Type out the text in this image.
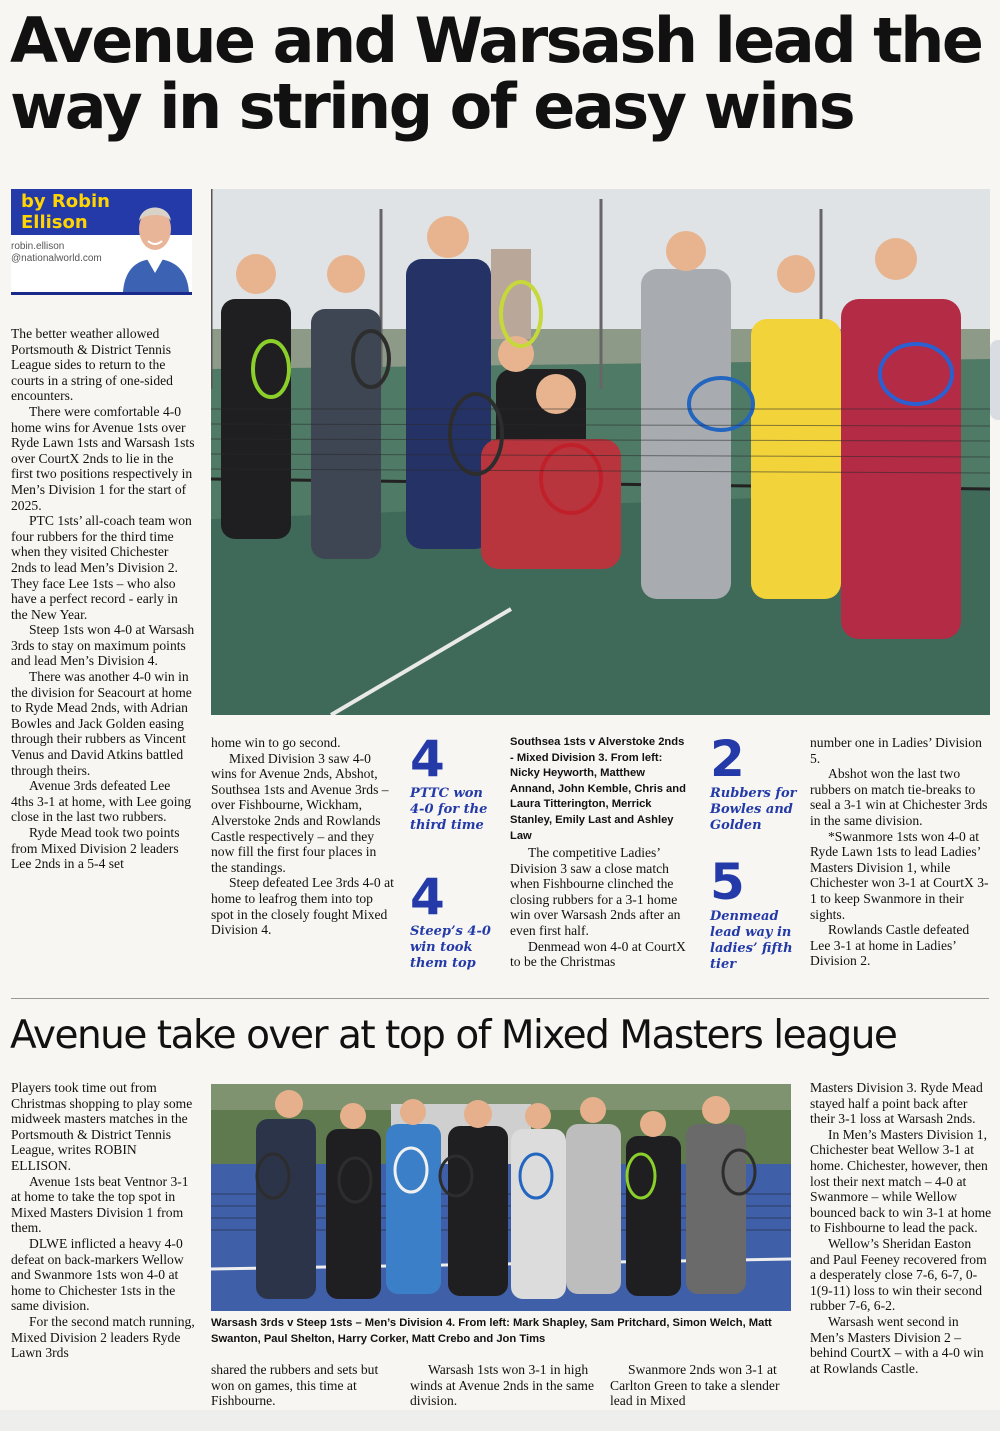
Avenue and Warsash lead the way in string of easy wins
by Robin Ellison
robin.ellison
@nationalworld.com

The better weather allowed Portsmouth & District Tennis League sides to return to the courts in a string of one-sided encounters.

There were comfortable 4-0 home wins for Avenue 1sts over Ryde Lawn 1sts and Warsash 1sts over CourtX 2nds to lie in the first two positions respectively in Men’s Division 1 for the start of 2025.

PTC 1sts’ all-coach team won four rubbers for the third time when they visited Chichester 2nds to lead Men’s Division 2. They face Lee 1sts – who also have a perfect record - early in the New Year.

Steep 1sts won 4-0 at Warsash 3rds to stay on maximum points and lead Men’s Division 4.

There was another 4-0 win in the division for Seacourt at home to Ryde Mead 2nds, with Adrian Bowles and Jack Golden easing through their rubbers as Vincent Venus and David Atkins battled through theirs.

Avenue 3rds defeated Lee 4ths 3-1 at home, with Lee going close in the last two rubbers.

Ryde Mead took two points from Mixed Division 2 leaders Lee 2nds in a 5-4 set

home win to go second.

Mixed Division 3 saw 4-0 wins for Avenue 2nds, Abshot, Southsea 1sts and Avenue 3rds – over Fishbourne, Wickham, Alverstoke 2nds and Rowlands Castle respectively – and they now fill the first four places in the standings.

Steep defeated Lee 3rds 4-0 at home to leafrog them into top spot in the closely fought Mixed Division 4.

4
PTTC won 4-0 for the third time
4
Steep’s 4-0 win took them top
Southsea 1sts v Alverstoke 2nds - Mixed Division 3. From left: Nicky Heyworth, Matthew Annand, John Kemble, Chris and Laura Titterington, Merrick Stanley, Emily Last and Ashley Law

The competitive Ladies’ Division 3 saw a close match when Fishbourne clinched the closing rubbers for a 3-1 home win over Warsash 2nds after an even first half.

Denmead won 4-0 at CourtX to be the Christmas

2
Rubbers for Bowles and Golden
5
Denmead lead way in ladies’ fifth tier

number one in Ladies’ Division 5.

Abshot won the last two rubbers on match tie-breaks to seal a 3-1 win at Chichester 3rds in the same division.

*Swanmore 1sts won 4-0 at Ryde Lawn 1sts to lead Ladies’ Masters Division 1, while Chichester won 3-1 at CourtX 3-1 to keep Swanmore in their sights.

Rowlands Castle defeated Lee 3-1 at home in Ladies’ Division 2.

Avenue take over at top of Mixed Masters league

Players took time out from Christmas shopping to play some midweek masters matches in the Portsmouth & District Tennis League, writes ROBIN ELLISON.

Avenue 1sts beat Ventnor 3-1 at home to take the top spot in Mixed Masters Division 1 from them.

DLWE inflicted a heavy 4-0 defeat on back-markers Wellow and Swanmore 1sts won 4-0 at home to Chichester 1sts in the same division.

For the second match running, Mixed Division 2 leaders Ryde Lawn 3rds

Warsash 3rds v Steep 1sts – Men’s Division 4. From left: Mark Shapley, Sam Pritchard, Simon Welch, Matt Swanton, Paul Shelton, Harry Corker, Matt Crebo and Jon Tims

shared the rubbers and sets but won on games, this time at Fishbourne.

Warsash 1sts won 3-1 in high winds at Avenue 2nds in the same division.

Swanmore 2nds won 3-1 at Carlton Green to take a slender lead in Mixed

Masters Division 3. Ryde Mead stayed half a point back after their 3-1 loss at Warsash 2nds.

In Men’s Masters Division 1, Chichester beat Wellow 3-1 at home. Chichester, however, then lost their next match – 4-0 at Swanmore – while Wellow bounced back to win 3-1 at home to Fishbourne to lead the pack.

Wellow’s Sheridan Easton and Paul Feeney recovered from a desperately close 7-6, 6-7, 0-1(9-11) loss to win their second rubber 7-6, 6-2.

Warsash went second in Men’s Masters Division 2 – behind CourtX – with a 4-0 win at Rowlands Castle.
